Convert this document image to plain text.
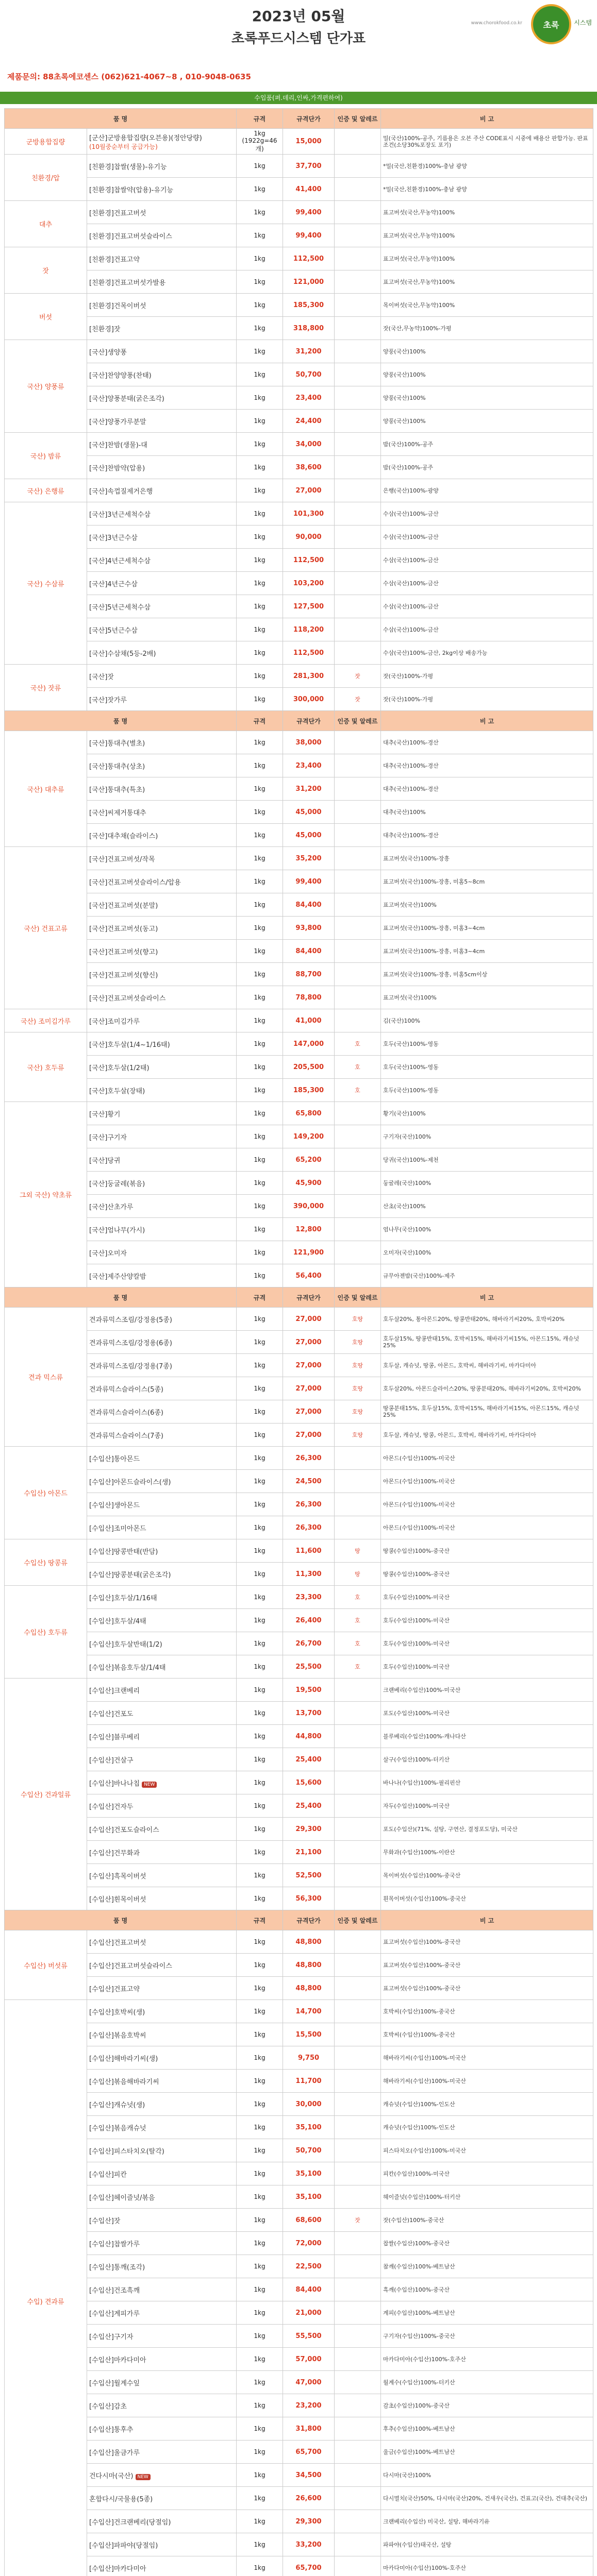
2023년 05월
초록푸드시스템 단가표
www.chorokfood.co.kr	초록 시스템
제품문의: 88초록에코센스 (062)621-4067~8 , 010-9048-0635
수입품(펴.데리,인싸,가격편하여)
품 명		규격	규격단가	인증 및 알레르	비 고
군방용합집량	[군산]군방용합집량(오븐용)(정안당량)
(10월중순부터 공급가능)	1kg (1922g=46개)	15,000		밀(국산)100%-공주, 기름용은 오븐 주산 CODE표시 시중에 배용산 판합가능. 판표조건(소당30%포장도 포기)
친환경/압	[친환경]찹쌀(생물)-유기능	1kg	37,700		*밀(국산,친환경)100%-충남 광양
	[친환경]찹쌀약(압용)-유기능	1kg	41,400		*밀(국산,친환경)100%-충남 광양
대추	[친환경]건표고버섯	1kg	99,400		표고버섯(국산,무농약)100%
	[친환경]건표고버섯슬라이스	1kg	99,400		표고버섯(국산,무농약)100%
잣	[친환경]건표고약	1kg	112,500		표고버섯(국산,무농약)100%
	[친환경]건표고버섯가발용	1kg	121,000		표고버섯(국산,무농약)100%
버섯	[친환경]건목이버섯	1kg	185,300		목이버섯(국산,무농약)100%
	[친환경]잣	1kg	318,800		잣(국산,무농약)100%-가평
국산) 양풍류	[국산]생양풍	1kg	31,200		양풍(국산)100%
	[국산]찬양양풍(찬태)	1kg	50,700		양풍(국산)100%
	[국산]양풍분태(굵은조각)	1kg	23,400		양풍(국산)100%
	[국산]양풍가루분말	1kg	24,400		양풍(국산)100%
국산) 밤류	[국산]찬밤(생물)-대	1kg	34,000		밤(국산)100%-공주
	[국산]찬밤약(압용)	1kg	38,600		밤(국산)100%-공주
국산) 은행류	[국산]속껍질제거은행	1kg	27,000		은행(국산)100%-광양
국산) 수삼류	[국산]3년근세척수삼	1kg	101,300		수삼(국산)100%-금산
	[국산]3년근수삼	1kg	90,000		수삼(국산)100%-금산
	[국산]4년근세척수삼	1kg	112,500		수삼(국산)100%-금산
	[국산]4년근수삼	1kg	103,200		수삼(국산)100%-금산
	[국산]5년근세척수삼	1kg	127,500		수삼(국산)100%-금산
	[국산]5년근수삼	1kg	118,200		수삼(국산)100%-금산
	[국산]수삼채(5등-2배)	1kg	112,500		수삼(국산)100%-금산, 2kg이상 배송가능
국산) 잣류	[국산]잣	1kg	281,300	잣	잣(국산)100%-가평
	[국산]잣가루	1kg	300,000	잣	잣(국산)100%-가평
품 명		규격	규격단가	인증 및 알레르	비 고
국산) 대추류	[국산]통대추(별초)	1kg	38,000		대추(국산)100%-경산
	[국산]통대추(상초)	1kg	23,400		대추(국산)100%-경산
	[국산]통대추(특초)	1kg	31,200		대추(국산)100%-경산
	[국산]씨제거통대추	1kg	45,000		대추(국산)100%
	[국산]대추채(슬라이스)	1kg	45,000		대추(국산)100%-경산
국산) 건표고류	[국산]건표고버섯/작목	1kg	35,200		표고버섯(국산)100%-장흥
	[국산]건표고버섯슬라이스/압용	1kg	99,400		표고버섯(국산)100%-장흥, 미홈5~8cm
	[국산]건표고버섯(분말)	1kg	84,400		표고버섯(국산)100%
	[국산]건표고버섯(동고)	1kg	93,800		표고버섯(국산)100%-장흥, 미홈3~4cm
	[국산]건표고버섯(향고)	1kg	84,400		표고버섯(국산)100%-장흥, 미홈3~4cm
	[국산]건표고버섯(향신)	1kg	88,700		표고버섯(국산)100%-장흥, 미홈5cm이상
	[국산]건표고버섯슬라이스	1kg	78,800		표고버섯(국산)100%
국산) 조미김가루	[국산]조미김가루	1kg	41,000		김(국산)100%
국산) 호두류	[국산]호두살(1/4~1/16태)	1kg	147,000	호	호두(국산)100%-영동
	[국산]호두살(1/2태)	1kg	205,500	호	호두(국산)100%-영동
	[국산]호두살(장태)	1kg	185,300	호	호두(국산)100%-영동
그외 국산) 약초류	[국산]황기	1kg	65,800		황기(국산)100%
	[국산]구기자	1kg	149,200		구기자(국산)100%
	[국산]당귀	1kg	65,200		당귀(국산)100%-제천
	[국산]둥굴레(볶음)	1kg	45,900		둥굴레(국산)100%
	[국산]산초가루	1kg	390,000		산초(국산)100%
	[국산]엄나무(가시)	1kg	12,800		엄나무(국산)100%
	[국산]오미자	1kg	121,900		오미자(국산)100%
	[국산]제주산양칼밤	1kg	56,400		규무아젠밤(국산)100%-제주
품 명		규격	규격단가	인증 및 알레르	비 고
견과 믹스류	견과류믹스조림/강정용(5종)	1kg	27,000	호땅	호두살20%, 통아몬드20%, 땅콩반태20%, 해바라기씨20%, 호박씨20%
	견과류믹스조림/강정용(6종)	1kg	27,000	호땅	호두살15%, 땅콩반태15%, 호박씨15%, 해바라기씨15%, 아몬드15%, 캐슈넛25%
	견과류믹스조림/강정용(7종)	1kg	27,000	호땅	호두살, 캐슈넛, 땅콩, 아몬드, 호박씨, 해바라기씨, 마카다미아
	견과류믹스슬라이스(5종)	1kg	27,000	호땅	호두살20%, 아몬드슬라이스20%, 땅콩분태20%, 해바라기씨20%, 호박씨20%
	견과류믹스슬라이스(6종)	1kg	27,000	호땅	땅콩분태15%, 호두살15%, 호박씨15%, 해바라기씨15%, 아몬드15%, 캐슈넛25%
	견과류믹스슬라이스(7종)	1kg	27,000	호땅	호두살, 캐슈넛, 땅콩, 아몬드, 호박씨, 해바라기씨, 마카다미아
수입산) 아몬드	[수입산]통아몬드	1kg	26,300		아몬드(수입산)100%-미국산
	[수입산]아몬드슬라이스(생)	1kg	24,500		아몬드(수입산)100%-미국산
	[수입산]생아몬드	1kg	26,300		아몬드(수입산)100%-미국산
	[수입산]조미아몬드	1kg	26,300		아몬드(수입산)100%-미국산
수입산) 땅콩류	[수입산]땅콩반태(반담)	1kg	11,600	땅	땅콩(수입산)100%-중국산
	[수입산]땅콩분태(굵은조각)	1kg	11,300	땅	땅콩(수입산)100%-중국산
수입산) 호두류	[수입산]호두살/1/16태	1kg	23,300	호	호두(수입산)100%-미국산
	[수입산]호두살/4태	1kg	26,400	호	호두(수입산)100%-미국산
	[수입산]호두살반태(1/2)	1kg	26,700	호	호두(수입산)100%-미국산
	[수입산]볶음호두살/1/4태	1kg	25,500	호	호두(수입산)100%-미국산
수입산) 건과일류	[수입산]크랜베리	1kg	19,500		크랜베리(수입산)100%-미국산
	[수입산]건포도	1kg	13,700		포도(수입산)100%-미국산
	[수입산]블루베리	1kg	44,800		블루베리(수입산)100%-캐나다산
	[수입산]건살구	1kg	25,400		살구(수입산)100%-터키산
	[수입산]바나나칩 NEW	1kg	15,600		바나나(수입산)100%-필리핀산
	[수입산]건자두	1kg	25,400		자두(수입산)100%-미국산
	[수입산]건포도슬라이스	1kg	29,300		포도(수입산)(71%, 설탕, 구연산, 결정포도당), 미국산
	[수입산]건무화과	1kg	21,100		무화과(수입산)100%-이란산
	[수입산]흑목이버섯	1kg	52,500		목이버섯(수입산)100%-중국산
	[수입산]흰목이버섯	1kg	56,300		흰목이버섯(수입산)100%-중국산
품 명		규격	규격단가	인증 및 알레르	비 고
수입산) 버섯류	[수입산]건표고버섯	1kg	48,800		표고버섯(수입산)100%-중국산
	[수입산]건표고버섯슬라이스	1kg	48,800		표고버섯(수입산)100%-중국산
	[수입산]건표고약	1kg	48,800		표고버섯(수입산)100%-중국산
수입) 견과류	[수입산]호박씨(생)	1kg	14,700		호박씨(수입산)100%-중국산
	[수입산]볶음호박씨	1kg	15,500		호박씨(수입산)100%-중국산
	[수입산]해바라기씨(생)	1kg	9,750		해바라기씨(수입산)100%-미국산
	[수입산]볶음해바라기씨	1kg	11,700		해바라기씨(수입산)100%-미국산
	[수입산]캐슈넛(생)	1kg	30,000		캐슈넛(수입산)100%-인도산
	[수입산]볶음캐슈넛	1kg	35,100		캐슈넛(수입산)100%-인도산
	[수입산]피스타치오(탈각)	1kg	50,700		피스타치오(수입산)100%-미국산
	[수입산]피칸	1kg	35,100		피칸(수입산)100%-미국산
	[수입산]헤이즐넛/볶음	1kg	35,100		헤이즐넛(수입산)100%-터키산
	[수입산]잣	1kg	68,600	잣	잣(수입산)100%-중국산
	[수입산]찹쌀가루	1kg	72,000		찹쌀(수입산)100%-중국산
	[수입산]통깨(조각)	1kg	22,500		참깨(수입산)100%-베트남산
	[수입산]건조흑깨	1kg	84,400		흑깨(수입산)100%-중국산
	[수입산]계피가루	1kg	21,000		계피(수입산)100%-베트남산
	[수입산]구기자	1kg	55,500		구기자(수입산)100%-중국산
	[수입산]마카다미아	1kg	57,000		마카다미아(수입산)100%-호주산
	[수입산]월계수잎	1kg	47,000		월계수(수입산)100%-터키산
	[수입산]감초	1kg	23,200		감초(수입산)100%-중국산
	[수입산]통후추	1kg	31,800		후추(수입산)100%-베트남산
	[수입산]울금가루	1kg	65,700		울금(수입산)100%-베트남산
	건다시마(국산) NEW	1kg	34,500		다시마(국산)100%
	혼합다시/국물용(5종)	1kg	26,600		다시멸치(국산)50%, 다시마(국산)20%, 건새우(국산), 건표고(국산), 건대추(국산)
	[수입산]건크랜베리(당절임)	1kg	29,300		크랜베리(수입산) 미국산, 설탕, 해바라기유
	[수입산]파파야(당절임)	1kg	33,200		파파야(수입산)태국산, 설탕
	[수입산]마카다미아	1kg	65,700		마카다미아(수입산)100%-호주산
